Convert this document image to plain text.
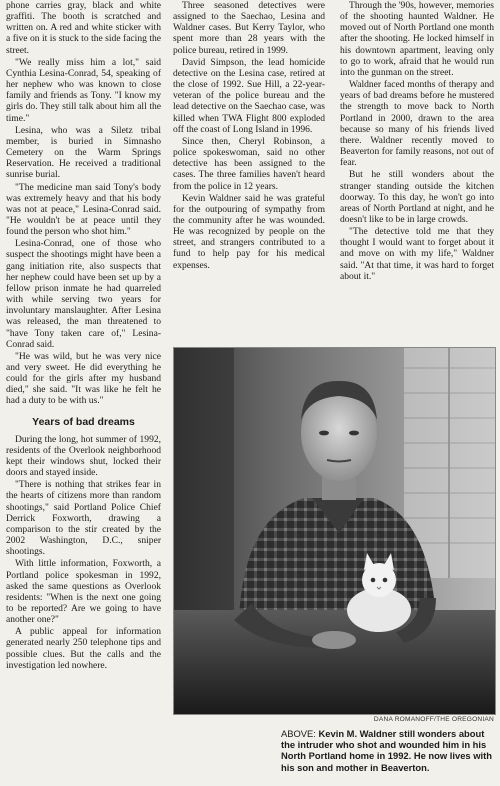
phone carries gray, black and white graffiti. The booth is scratched and written on. A red and white sticker with a five on it is stuck to the side facing the street.

"We really miss him a lot," said Cynthia Lesina-Conrad, 54, speaking of her nephew who was known to close family and friends as Tony. "I know my girls do. They still talk about him all the time."

Lesina, who was a Siletz tribal member, is buried in Simnasho Cemetery on the Warm Springs Reservation. He received a traditional sunrise burial.

"The medicine man said Tony's body was extremely heavy and that his body was not at peace," Lesina-Conrad said. "He wouldn't be at peace until they found the person who shot him."

Lesina-Conrad, one of those who suspect the shootings might have been a gang initiation rite, also suspects that her nephew could have been set up by a fellow prison inmate he had quarreled with while serving two years for involuntary manslaughter. After Lesina was released, the man threatened to "have Tony taken care of," Lesina-Conrad said.

"He was wild, but he was very nice and very sweet. He did everything he could for the girls after my husband died," she said. "It was like he felt he had a duty to be with us."

Years of bad dreams

During the long, hot summer of 1992, residents of the Overlook neighborhood kept their windows shut, locked their doors and stayed inside.

"There is nothing that strikes fear in the hearts of citizens more than random shootings," said Portland Police Chief Derrick Foxworth, drawing a comparison to the stir created by the 2002 Washington, D.C., sniper shootings.

With little information, Foxworth, a Portland police spokesman in 1992, asked the same questions as Overlook residents: "When is the next one going to be reported? Are we going to have another one?"

A public appeal for information generated nearly 250 telephone tips and possible clues. But the calls and the investigation led nowhere.

Three seasoned detectives were assigned to the Saechao, Lesina and Waldner cases. But Kerry Taylor, who spent more than 28 years with the police bureau, retired in 1999.

David Simpson, the lead homicide detective on the Lesina case, retired at the close of 1992. Sue Hill, a 22-year-veteran of the police bureau and the lead detective on the Saechao case, was killed when TWA Flight 800 exploded off the coast of Long Island in 1996.

Since then, Cheryl Robinson, a police spokeswoman, said no other detective has been assigned to the cases. The three families haven't heard from the police in 12 years.

Kevin Waldner said he was grateful for the outpouring of sympathy from the community after he was wounded. He was recognized by people on the street, and strangers contributed to a fund to help pay for his medical expenses.

Through the '90s, however, memories of the shooting haunted Waldner. He moved out of North Portland one month after the shooting. He locked himself in his downtown apartment, leaving only to go to work, afraid that he would run into the gunman on the street.

Waldner faced months of therapy and years of bad dreams before he mustered the strength to move back to North Portland in 2000, drawn to the area because so many of his friends lived there. Waldner recently moved to Beaverton for family reasons, not out of fear.

But he still wonders about the stranger standing outside the kitchen doorway. To this day, he won't go into areas of North Portland at night, and he doesn't like to be in large crowds.

"The detective told me that they thought I would want to forget about it and move on with my life," Waldner said. "At that time, it was hard to forget about it."

DANA ROMANOFF/THE OREGONIAN
ABOVE: Kevin M. Waldner still wonders about the intruder who shot and wounded him in his North Portland home in 1992. He now lives with his son and mother in Beaverton.
